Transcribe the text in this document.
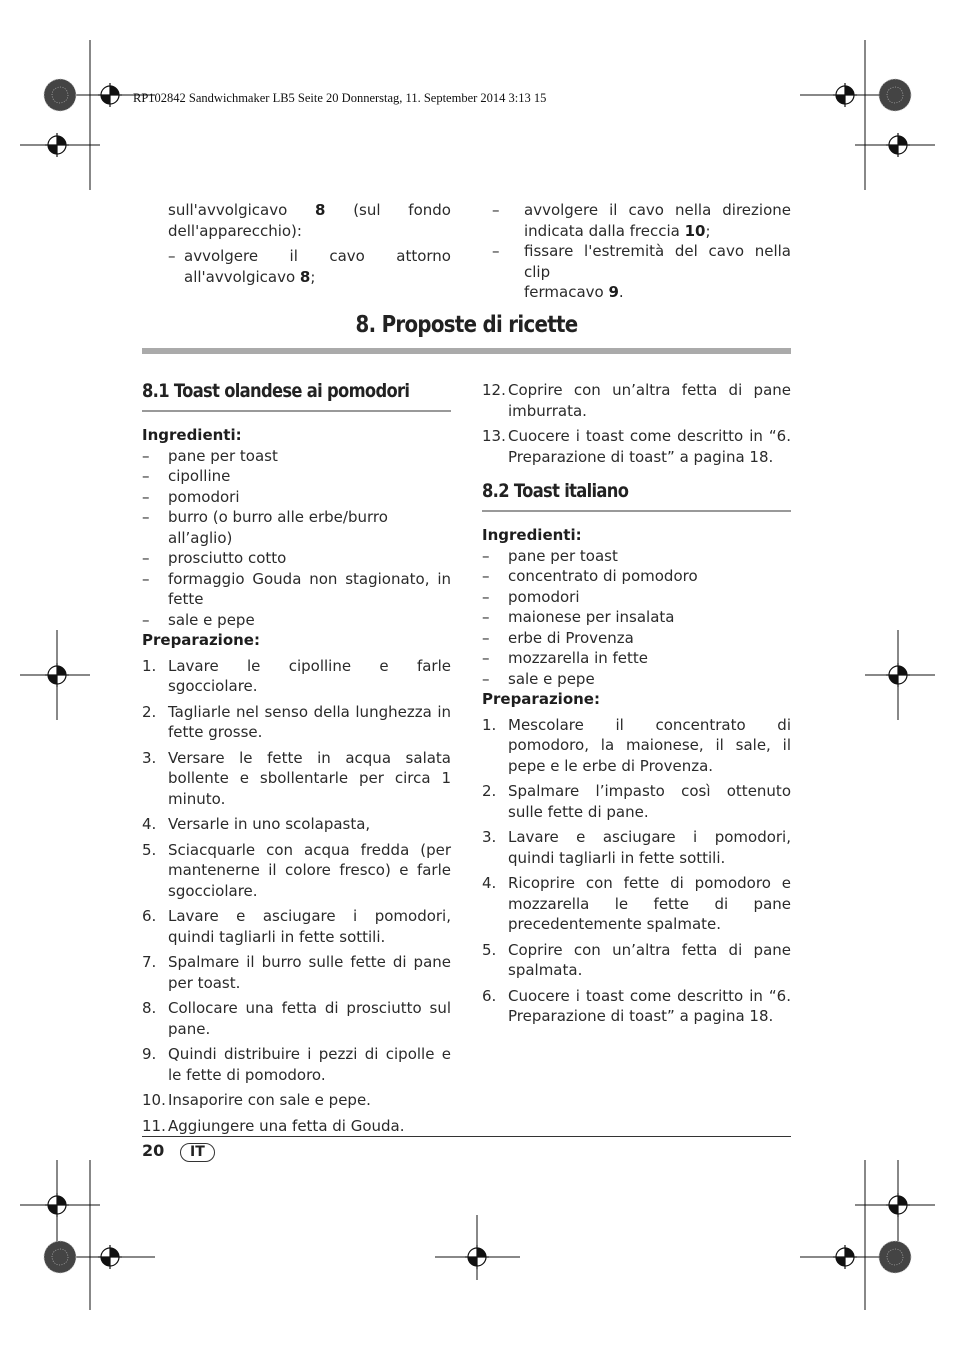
RP102842 Sandwichmaker LB5 Seite 20 Donnerstag, 11. September 2014 3:13 15
sull'avvolgicavo 8 (sul fondo
dell'apparecchio):
– avvolgere il cavo attorno
all'avvolgicavo 8;
–	avvolgere il cavo nella direzione
indicata dalla freccia 10;
–	fissare l'estremità del cavo nella clip
fermacavo 9.
8. Proposte di ricette
8.1 Toast olandese ai pomodori
Ingredienti:
– pane per toast
– cipolline
– pomodori
– burro (o burro alle erbe/burro all’aglio)
– prosciutto cotto
– formaggio Gouda non stagionato, in fette
– sale e pepe
Preparazione:
1. Lavare le cipolline e farle sgocciolare.
2. Tagliarle nel senso della lunghezza in fette grosse.
3. Versare le fette in acqua salata bollente e sbollentarle per circa 1 minuto.
4. Versarle in uno scolapasta,
5. Sciacquarle con acqua fredda (per mantenerne il colore fresco) e farle sgocciolare.
6. Lavare e asciugare i pomodori, quindi tagliarli in fette sottili.
7. Spalmare il burro sulle fette di pane per toast.
8. Collocare una fetta di prosciutto sul pane.
9. Quindi distribuire i pezzi di cipolle e le fette di pomodoro.
10. Insaporire con sale e pepe.
11. Aggiungere una fetta di Gouda.
12. Coprire con un’altra fetta di pane imburrata.
13. Cuocere i toast come descritto in “6. Preparazione di toast” a pagina 18.
8.2 Toast italiano
Ingredienti:
– pane per toast
– concentrato di pomodoro
– pomodori
– maionese per insalata
– erbe di Provenza
– mozzarella in fette
– sale e pepe
Preparazione:
1. Mescolare il concentrato di pomodoro, la maionese, il sale, il pepe e le erbe di Provenza.
2. Spalmare l’impasto così ottenuto sulle fette di pane.
3. Lavare e asciugare i pomodori, quindi tagliarli in fette sottili.
4. Ricoprire con fette di pomodoro e mozzarella le fette di pane precedentemente spalmate.
5. Coprire con un’altra fetta di pane spalmata.
6. Cuocere i toast come descritto in “6. Preparazione di toast” a pagina 18.
20	IT
